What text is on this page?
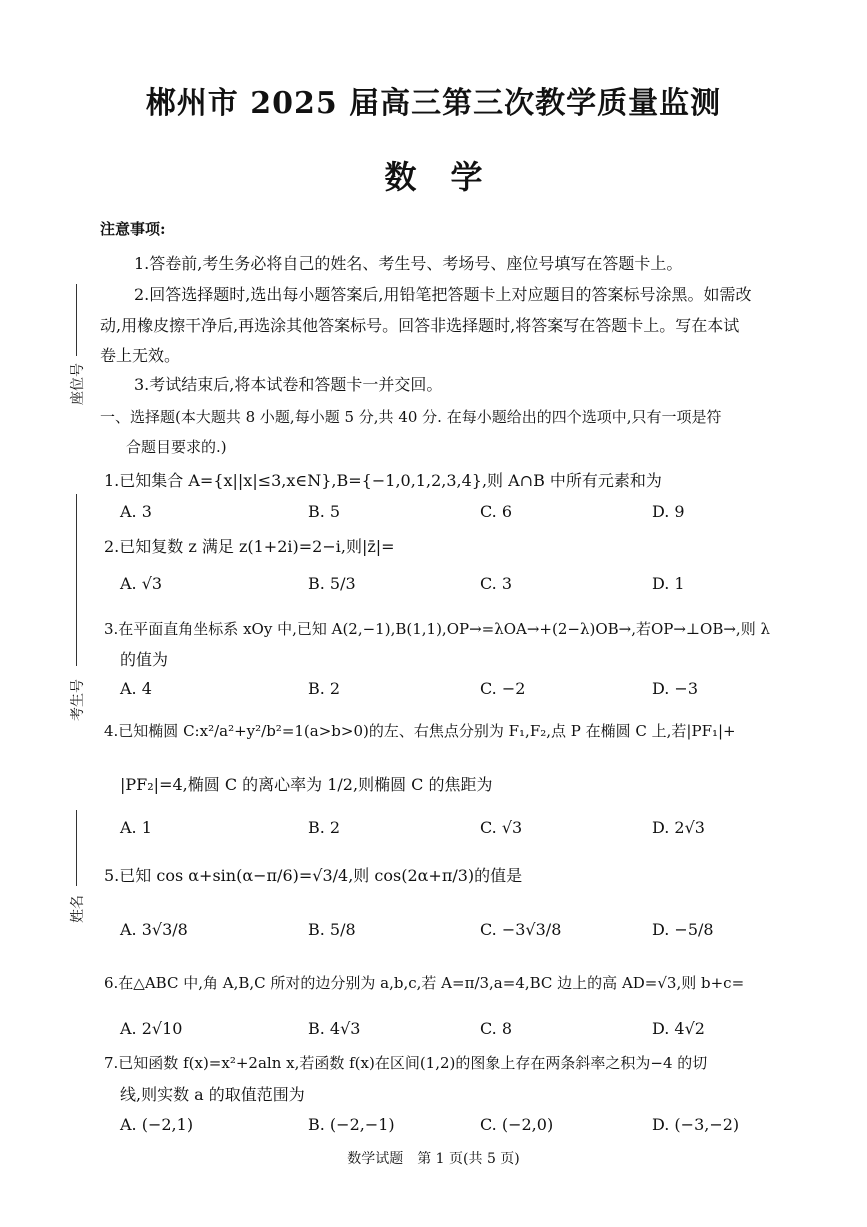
郴州市 2025 届高三第三次教学质量监测
数学
注意事项:
1.答卷前,考生务必将自己的姓名、考生号、考场号、座位号填写在答题卡上。
2.回答选择题时,选出每小题答案后,用铅笔把答题卡上对应题目的答案标号涂黑。如需改
动,用橡皮擦干净后,再选涂其他答案标号。回答非选择题时,将答案写在答题卡上。写在本试
卷上无效。
3.考试结束后,将本试卷和答题卡一并交回。
一、选择题(本大题共 8 小题,每小题 5 分,共 40 分. 在每小题给出的四个选项中,只有一项是符
合题目要求的.)
座位号
考生号
姓名
1.已知集合 A={x||x|≤3,x∈N},B={−1,0,1,2,3,4},则 A∩B 中所有元素和为
A. 3	B. 5	C. 6	D. 9
2.已知复数 z 满足 z(1+2i)=2−i,则|z̄|=
A. √3	B. 5/3	C. 3	D. 1
3.在平面直角坐标系 xOy 中,已知 A(2,−1),B(1,1),OP→=λOA→+(2−λ)OB→,若OP→⊥OB→,则 λ
的值为
A. 4	B. 2	C. −2	D. −3
4.已知椭圆 C:x²/a²+y²/b²=1(a>b>0)的左、右焦点分别为 F₁,F₂,点 P 在椭圆 C 上,若|PF₁|+
|PF₂|=4,椭圆 C 的离心率为 1/2,则椭圆 C 的焦距为
A. 1	B. 2	C. √3	D. 2√3
5.已知 cos α+sin(α−π/6)=√3/4,则 cos(2α+π/3)的值是
A. 3√3/8	B. 5/8	C. −3√3/8	D. −5/8
6.在△ABC 中,角 A,B,C 所对的边分别为 a,b,c,若 A=π/3,a=4,BC 边上的高 AD=√3,则 b+c=
A. 2√10	B. 4√3	C. 8	D. 4√2
7.已知函数 f(x)=x²+2aln x,若函数 f(x)在区间(1,2)的图象上存在两条斜率之积为−4 的切
线,则实数 a 的取值范围为
A. (−2,1)	B. (−2,−1)	C. (−2,0)	D. (−3,−2)
数学试题　第 1 页(共 5 页)
